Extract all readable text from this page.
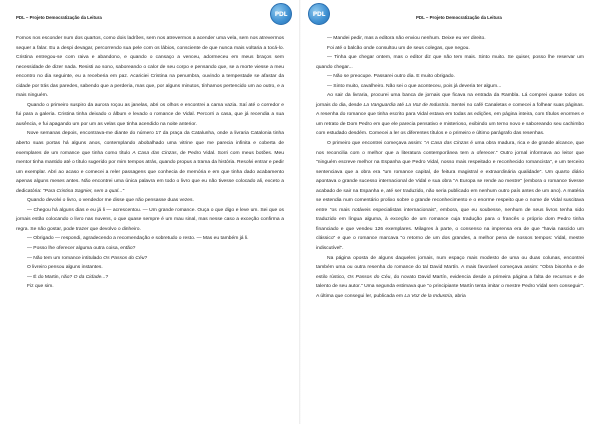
PDL – Projeto Democratização da Leitura	PDL

Fomos nos esconder num dos quartos, como dois ladrões, sem nos atrevermos a acender uma vela, sem nos atrevermos sequer a falar. Eu a despi devagar, percorrendo sua pele com os lábios, consciente de que nunca mais voltaria a tocá-lo. Cristina entregou-se com raiva e abandono, e quando o cansaço a venceu, adormeceu em meus braços sem necessidade de dizer nada. Resisti ao sono, saboreando o calor de seu corpo e pensando que, se a morte viesse a meu encontro no dia seguinte, eu a receberia em paz. Acariciei Cristina na penumbra, ouvindo a tempestade se afastar da cidade por trás das paredes, sabendo que a perderia, mas que, por alguns minutos, tínhamos pertencido um ao outro, e a mais ninguém.

Quando o primeiro suspiro da aurora roçou as janelas, abri os olhos e encontrei a cama vazia. Saí até o corredor e fui para a galeria. Cristina tinha deixado o álbum e levado o romance de Vidal. Percorri a casa, que já recendia a sua ausência, e fui apagando um por um as velas que tinha acendido na noite anterior.

Nove semanas depois, encontrava-me diante do número 17 da praça da Catalunha, onde a livraria Catalonia tinha aberto suas portas há alguns anos, contemplando abobalhado uma vitrine que me parecia infinita e coberta de exemplares de um romance que tinha como título A Casa das Cinzas, de Pedro Vidal. Sorri com meus botões. Meu mentor tinha mantido até o título sugerido por mim tempos atrás, quando propus a trama da história. Resolvi entrar e pedir um exemplar. Abri ao acaso e comecei a reler passagens que conhecia de memória e em que tinha dado acabamento apenas alguns meses antes. Não encontrei uma única palavra em todo o livro que eu não tivesse colocado ali, exceto a dedicatória: "Para Cristina Sagnier, sem a qual..."

Quando devolvi o livro, o vendedor me disse que não pensasse duas vezes.

— Chegou há alguns dias e eu já li — acrescentou. — Um grande romance. Ouça o que digo e leve um. Sei que os jornais estão colocando o livro nas nuvens, o que quase sempre é um mau sinal, mas nesse caso a exceção confirma a regra. Se não gostar, pode trazer que devolvo o dinheiro.

— Obrigado — respondi, agradecendo a recomendação e sobretudo o resto. — Mas eu também já li.

— Posso lhe oferecer alguma outra coisa, então?

— Não tem um romance intitulado Os Passos do Céu?

O livreiro pensou alguns instantes.

— É do Martin, não? O da Cidade...?

Fiz que sim.

PDL	PDL – Projeto Democratização da Leitura

— Mandei pedir, mas a editora não enviou nenhum. Deixe eu ver direito.

Foi até o balcão onde consultou um de seus colegas, que negou.

— Tinha que chegar ontem, mas o editor diz que não tem mais. Sinto muito. Se quiser, posso lhe reservar um quando chegar...

— Não se preocupe. Passarei outro dia. E muito obrigado.

— Sinto muito, cavalheiro. Não sei o que aconteceu, pois já deveria ter algum...

Ao sair da livraria, procurei uma banca de jornais que ficava na entrada da Rambla. Lá comprei quase todos os jornais do dia, desde La Vanguardia até La Voz de Industria. Sentei no café Canaletas e comecei a folhear suas páginas. A resenha do romance que tinha escrito para Vidal estava em todas as edições, em página inteira, com títulos enormes e um retrato de Dom Pedro em que ele parecia pensativo e misterioso, exibindo um terno novo e saboreando seu cachimbo com estudado desdém. Comecei a ler os diferentes títulos e o primeiro e último parágrafo das resenhas.

O primeiro que encontrei começava assim: "A Casa das Cinzas é uma obra madura, rica e de grande alcance, que nos reconcilia com o melhor que a literatura contemporânea tem a oferecer." Outro jornal informava ao leitor que "ninguém escreve melhor na Espanha que Pedro Vidal, nosso mais respeitado e reconhecido romancista", e um terceiro sentenciava que a obra era "um romance capital, de feitura magistral e extraordinária qualidade". Um quarto diário apontava o grande sucesso internacional de Vidal e sua obra "A Europa se rende ao mestre" (embora o romance tivesse acabado de sair na Espanha e, até ser traduzido, não seria publicado em nenhum outro país antes de um ano). A matéria se estendia num comentário prolixo sobre o grande reconhecimento e o enorme respeito que o nome de Vidal suscitava entre "os mais notáveis especialistas internacionais", embora, que eu soubesse, nenhum de seus livros tenha sido traduzido em língua alguma, à exceção de um romance cuja tradução para o francês o próprio dom Pedro tinha financiado e que vendeu 126 exemplares. Milagres à parte, o consenso na imprensa era de que "havia nascido um clássico" e que o romance marcava "o retorno de um dos grandes, a melhor pena de nossos tempos: Vidal, mestre indiscutível".

Na página oposta de alguns daqueles jornais, num espaço mais modesto de uma ou duas colunas, encontrei também uma ou outra resenha do romance do tal David Martín. A mais favorável começava assim: "Obra bisonha e de estilo rústico, Os Passos do Céu, do novato David Martín, evidencia desde a primeira página a falta de recursos e de talento de seu autor." Uma segunda estimava que "o principiante Martín tenta imitar o mestre Pedro Vidal sem conseguir". A última que consegui ler, publicada em La Voz de la Industria, abria
